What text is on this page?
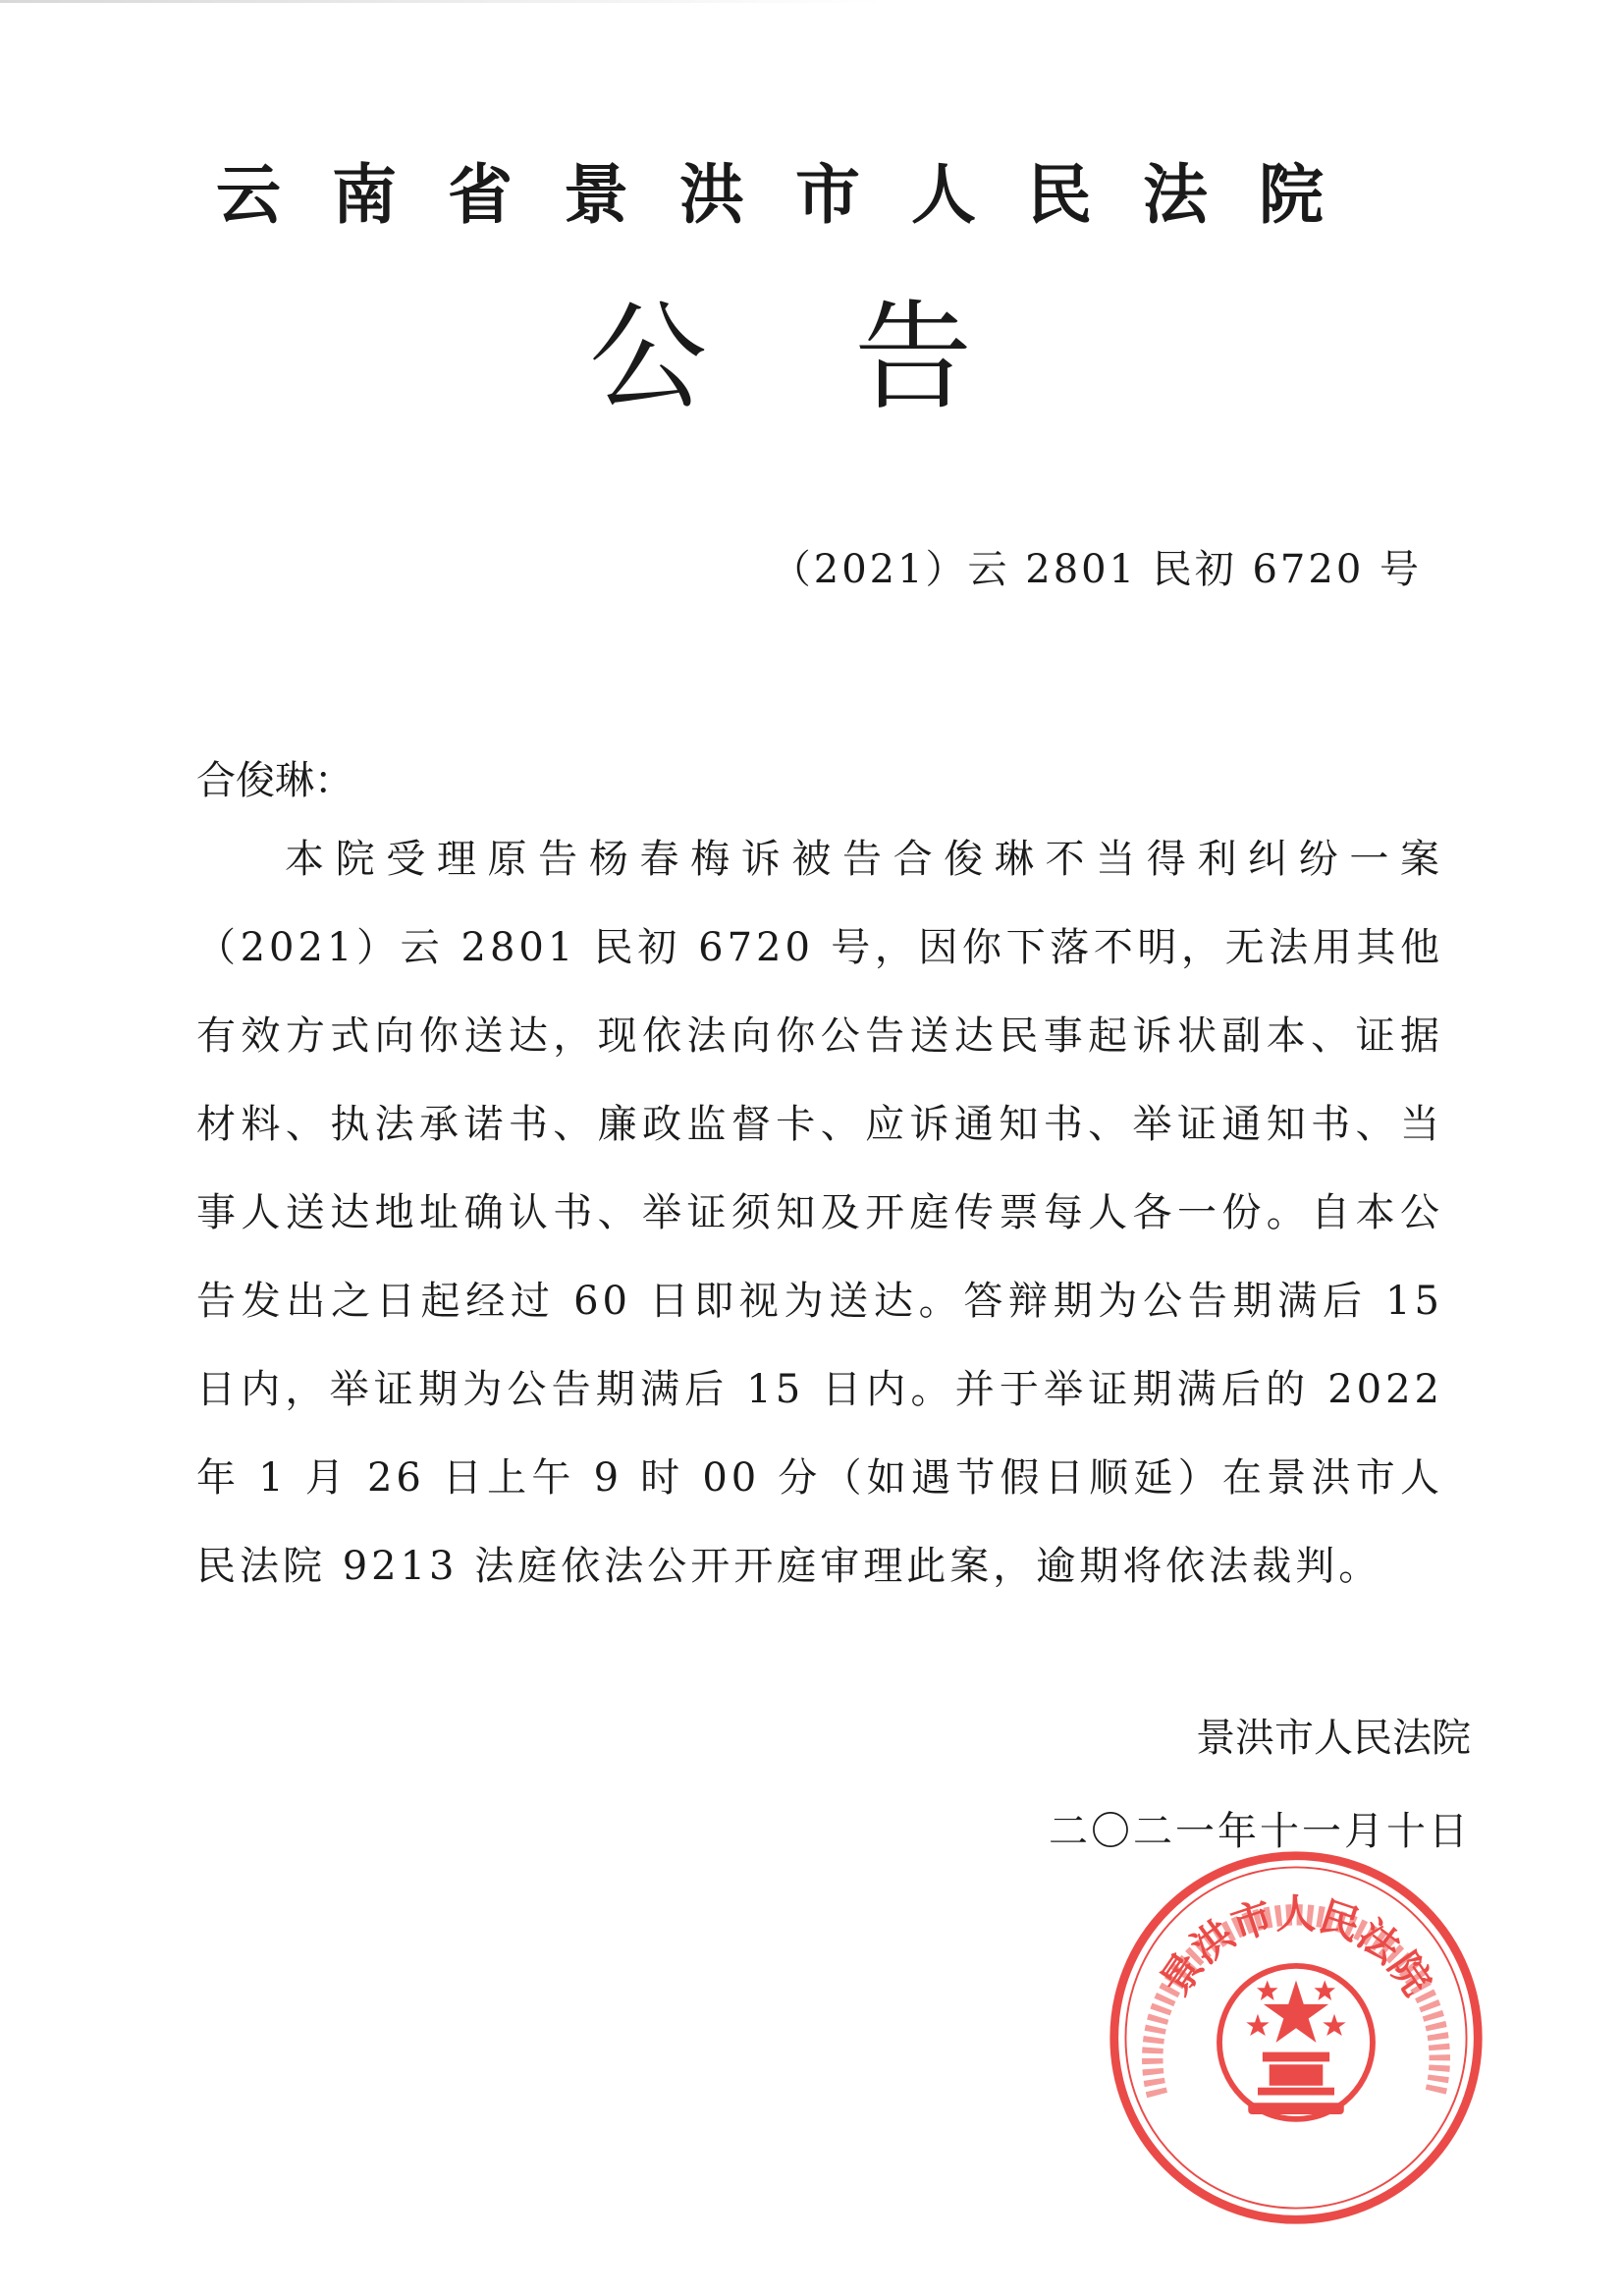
云南省景洪市人民法院
公告
（2021）云 2801 民初 6720 号
合俊琳：

本院受理原告杨春梅诉被告合俊琳不当得利纠纷一案（2021）云 2801 民初 6720 号，因你下落不明，无法用其他有效方式向你送达，现依法向你公告送达民事起诉状副本、证据材料、执法承诺书、廉政监督卡、应诉通知书、举证通知书、当事人送达地址确认书、举证须知及开庭传票每人各一份。自本公告发出之日起经过 60 日即视为送达。答辩期为公告期满后 15 日内，举证期为公告期满后 15 日内。并于举证期满后的 2022 年 1 月 26 日上午 9 时 00 分（如遇节假日顺延）在景洪市人民法院 9213 法庭依法公开开庭审理此案，逾期将依法裁判。

景洪市人民法院
二〇二一年十一月十日
景洪市人民法院
